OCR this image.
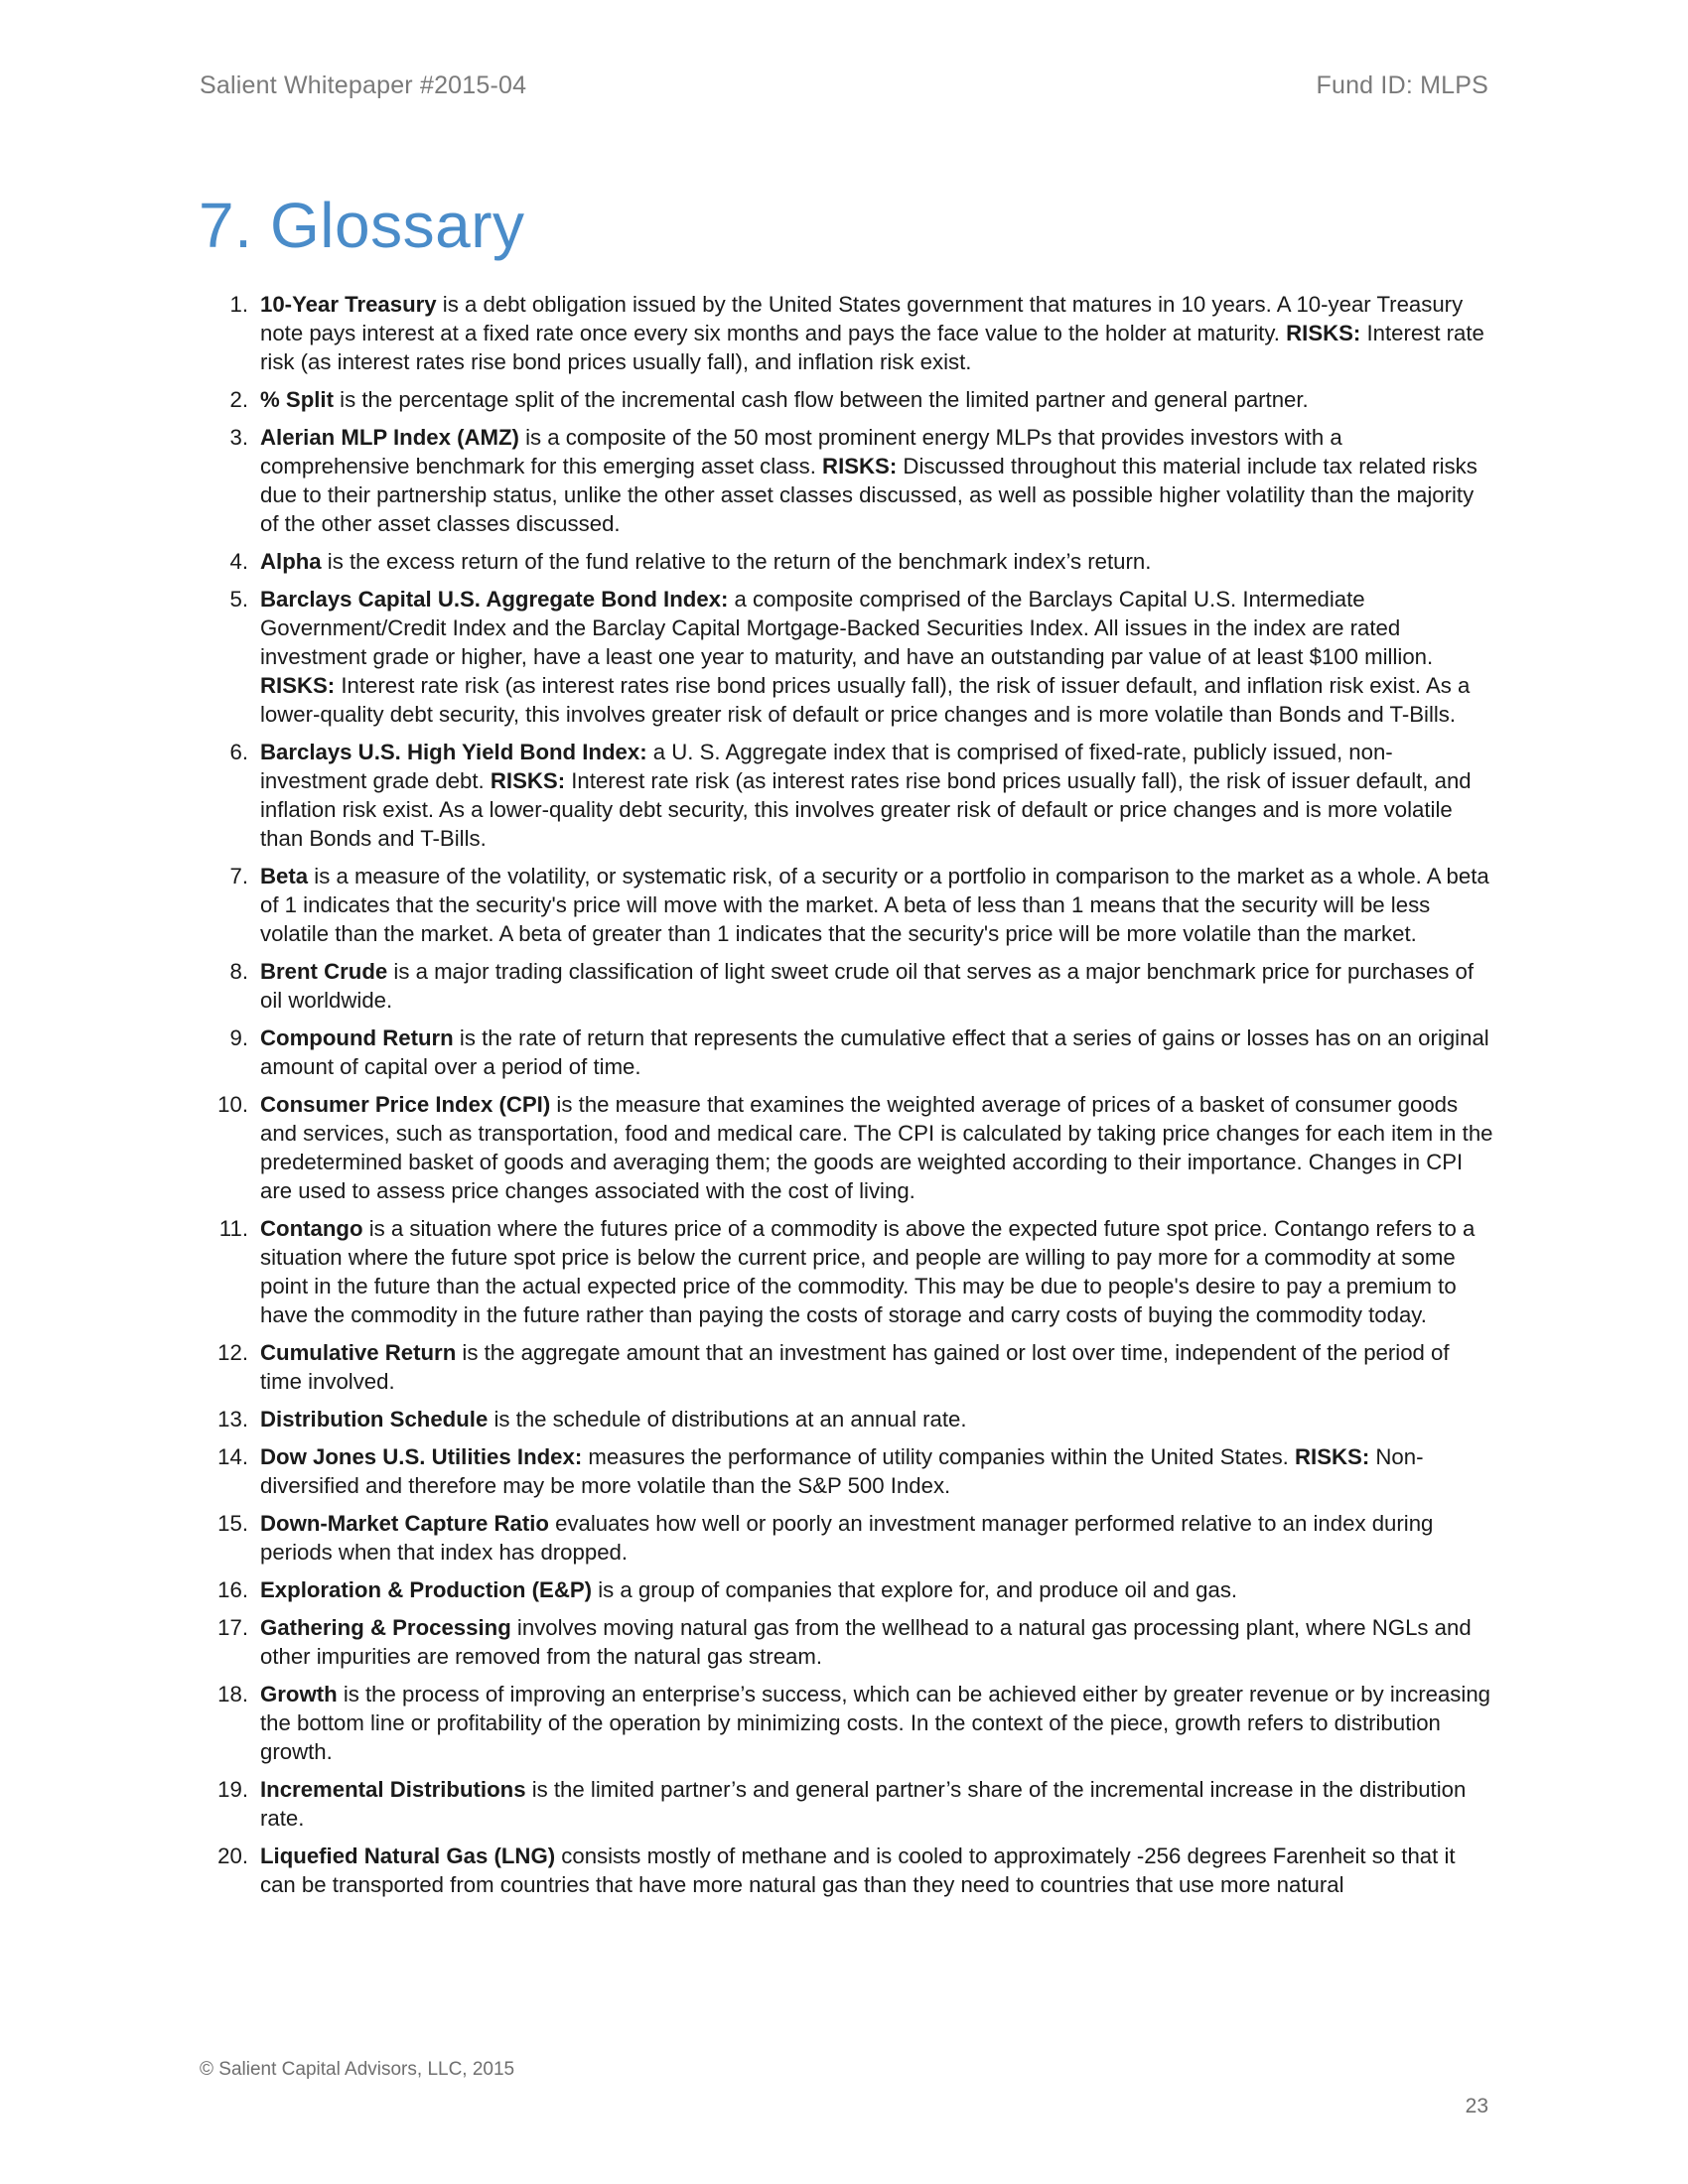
Salient Whitepaper #2015-04	Fund ID: MLPS
7. Glossary
1. 10-Year Treasury is a debt obligation issued by the United States government that matures in 10 years. A 10-year Treasury note pays interest at a fixed rate once every six months and pays the face value to the holder at maturity. RISKS: Interest rate risk (as interest rates rise bond prices usually fall), and inflation risk exist.
2. % Split is the percentage split of the incremental cash flow between the limited partner and general partner.
3. Alerian MLP Index (AMZ) is a composite of the 50 most prominent energy MLPs that provides investors with a comprehensive benchmark for this emerging asset class. RISKS: Discussed throughout this material include tax related risks due to their partnership status, unlike the other asset classes discussed, as well as possible higher volatility than the majority of the other asset classes discussed.
4. Alpha is the excess return of the fund relative to the return of the benchmark index’s return.
5. Barclays Capital U.S. Aggregate Bond Index: a composite comprised of the Barclays Capital U.S. Intermediate Government/Credit Index and the Barclay Capital Mortgage-Backed Securities Index. All issues in the index are rated investment grade or higher, have a least one year to maturity, and have an outstanding par value of at least $100 million. RISKS: Interest rate risk (as interest rates rise bond prices usually fall), the risk of issuer default, and inflation risk exist. As a lower-quality debt security, this involves greater risk of default or price changes and is more volatile than Bonds and T-Bills.
6. Barclays U.S. High Yield Bond Index: a U. S. Aggregate index that is comprised of fixed-rate, publicly issued, non-investment grade debt. RISKS: Interest rate risk (as interest rates rise bond prices usually fall), the risk of issuer default, and inflation risk exist. As a lower-quality debt security, this involves greater risk of default or price changes and is more volatile than Bonds and T-Bills.
7. Beta is a measure of the volatility, or systematic risk, of a security or a portfolio in comparison to the market as a whole. A beta of 1 indicates that the security's price will move with the market. A beta of less than 1 means that the security will be less volatile than the market. A beta of greater than 1 indicates that the security's price will be more volatile than the market.
8. Brent Crude is a major trading classification of light sweet crude oil that serves as a major benchmark price for purchases of oil worldwide.
9. Compound Return is the rate of return that represents the cumulative effect that a series of gains or losses has on an original amount of capital over a period of time.
10. Consumer Price Index (CPI) is the measure that examines the weighted average of prices of a basket of consumer goods and services, such as transportation, food and medical care. The CPI is calculated by taking price changes for each item in the predetermined basket of goods and averaging them; the goods are weighted according to their importance. Changes in CPI are used to assess price changes associated with the cost of living.
11. Contango is a situation where the futures price of a commodity is above the expected future spot price. Contango refers to a situation where the future spot price is below the current price, and people are willing to pay more for a commodity at some point in the future than the actual expected price of the commodity. This may be due to people's desire to pay a premium to have the commodity in the future rather than paying the costs of storage and carry costs of buying the commodity today.
12. Cumulative Return is the aggregate amount that an investment has gained or lost over time, independent of the period of time involved.
13. Distribution Schedule is the schedule of distributions at an annual rate.
14. Dow Jones U.S. Utilities Index: measures the performance of utility companies within the United States. RISKS: Non-diversified and therefore may be more volatile than the S&P 500 Index.
15. Down-Market Capture Ratio evaluates how well or poorly an investment manager performed relative to an index during periods when that index has dropped.
16. Exploration & Production (E&P) is a group of companies that explore for, and produce oil and gas.
17. Gathering & Processing involves moving natural gas from the wellhead to a natural gas processing plant, where NGLs and other impurities are removed from the natural gas stream.
18. Growth is the process of improving an enterprise’s success, which can be achieved either by greater revenue or by increasing the bottom line or profitability of the operation by minimizing costs. In the context of the piece, growth refers to distribution growth.
19. Incremental Distributions is the limited partner’s and general partner’s share of the incremental increase in the distribution rate.
20. Liquefied Natural Gas (LNG) consists mostly of methane and is cooled to approximately -256 degrees Farenheit so that it can be transported from countries that have more natural gas than they need to countries that use more natural
© Salient Capital Advisors, LLC, 2015
23
